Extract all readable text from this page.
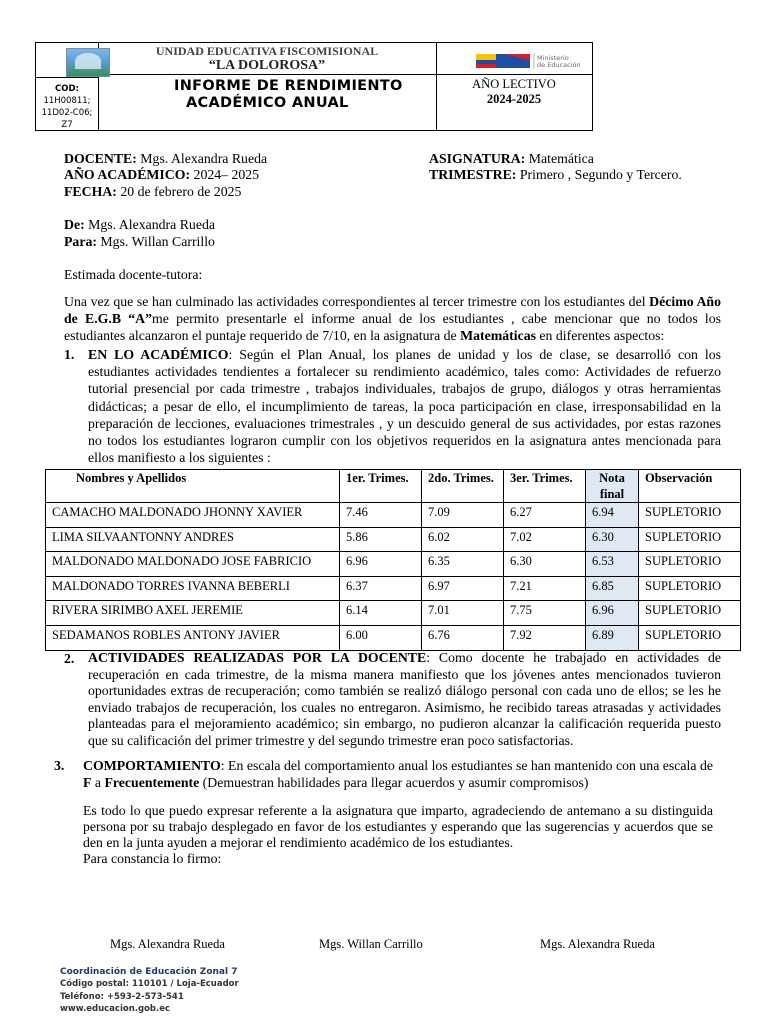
UNIDAD EDUCATIVA FISCOMISIONAL
“LA DOLOROSA”
INFORME DE RENDIMIENTO
ACADÉMICO ANUAL
COD:
11H00811;
11D02-C06;
Z7
Ministerio
de Educación
AÑO LECTIVO
2024-2025
DOCENTE: Mgs. Alexandra Rueda
AÑO ACADÉMICO: 2024– 2025
FECHA: 20 de febrero de 2025
ASIGNATURA: Matemática
TRIMESTRE: Primero , Segundo y Tercero.
De: Mgs. Alexandra Rueda
Para: Mgs. Willan Carrillo
Estimada docente-tutora:
Una vez que se han culminado las actividades correspondientes al tercer trimestre con los estudiantes del Décimo Año de E.G.B “A”me permito presentarle el informe anual de los estudiantes , cabe mencionar que no todos los estudiantes alcanzaron el puntaje requerido de 7/10, en la asignatura de Matemáticas en diferentes aspectos:
1. EN LO ACADÉMICO: Según el Plan Anual, los planes de unidad y los de clase, se desarrolló con los estudiantes actividades tendientes a fortalecer su rendimiento académico, tales como: Actividades de refuerzo tutorial presencial por cada trimestre , trabajos individuales, trabajos de grupo, diálogos y otras herramientas didácticas; a pesar de ello, el incumplimiento de tareas, la poca participación en clase, irresponsabilidad en la preparación de lecciones, evaluaciones trimestrales , y un descuido general de sus actividades, por estas razones no todos los estudiantes lograron cumplir con los objetivos requeridos en la asignatura antes mencionada para ellos manifiesto a los siguientes :
Nombres y Apellidos	1er. Trimes.	2do. Trimes.	3er. Trimes.	Nota final	Observación
CAMACHO MALDONADO JHONNY XAVIER	7.46	7.09	6.27	6.94	SUPLETORIO
LIMA SILVAANTONNY ANDRES	5.86	6.02	7.02	6.30	SUPLETORIO
MALDONADO MALDONADO JOSE FABRICIO	6.96	6.35	6.30	6.53	SUPLETORIO
MALDONADO TORRES IVANNA BEBERLI	6.37	6.97	7.21	6.85	SUPLETORIO
RIVERA SIRIMBO AXEL JEREMIE	6.14	7.01	7.75	6.96	SUPLETORIO
SEDAMANOS ROBLES ANTONY JAVIER	6.00	6.76	7.92	6.89	SUPLETORIO
2. ACTIVIDADES REALIZADAS POR LA DOCENTE: Como docente he trabajado en actividades de recuperación en cada trimestre, de la misma manera manifiesto que los jóvenes antes mencionados tuvieron oportunidades extras de recuperación; como también se realizó diálogo personal con cada uno de ellos; se les he enviado trabajos de recuperación, los cuales no entregaron. Asimismo, he recibido tareas atrasadas y actividades planteadas para el mejoramiento académico; sin embargo, no pudieron alcanzar la calificación requerida puesto que su calificación del primer trimestre y del segundo trimestre eran poco satisfactorias.
3.	COMPORTAMIENTO: En escala del comportamiento anual los estudiantes se han mantenido con una escala de F a Frecuentemente (Demuestran habilidades para llegar acuerdos y asumir compromisos)
Es todo lo que puedo expresar referente a la asignatura que imparto, agradeciendo de antemano a su distinguida persona por su trabajo desplegado en favor de los estudiantes y esperando que las sugerencias y acuerdos que se den en la junta ayuden a mejorar el rendimiento académico de los estudiantes.
Para constancia lo firmo:
Mgs. Alexandra Rueda	Mgs. Willan Carrillo	Mgs. Alexandra Rueda
Coordinación de Educación Zonal 7
Código postal: 110101 / Loja-Ecuador
Teléfono: +593-2-573-541
www.educacion.gob.ec
